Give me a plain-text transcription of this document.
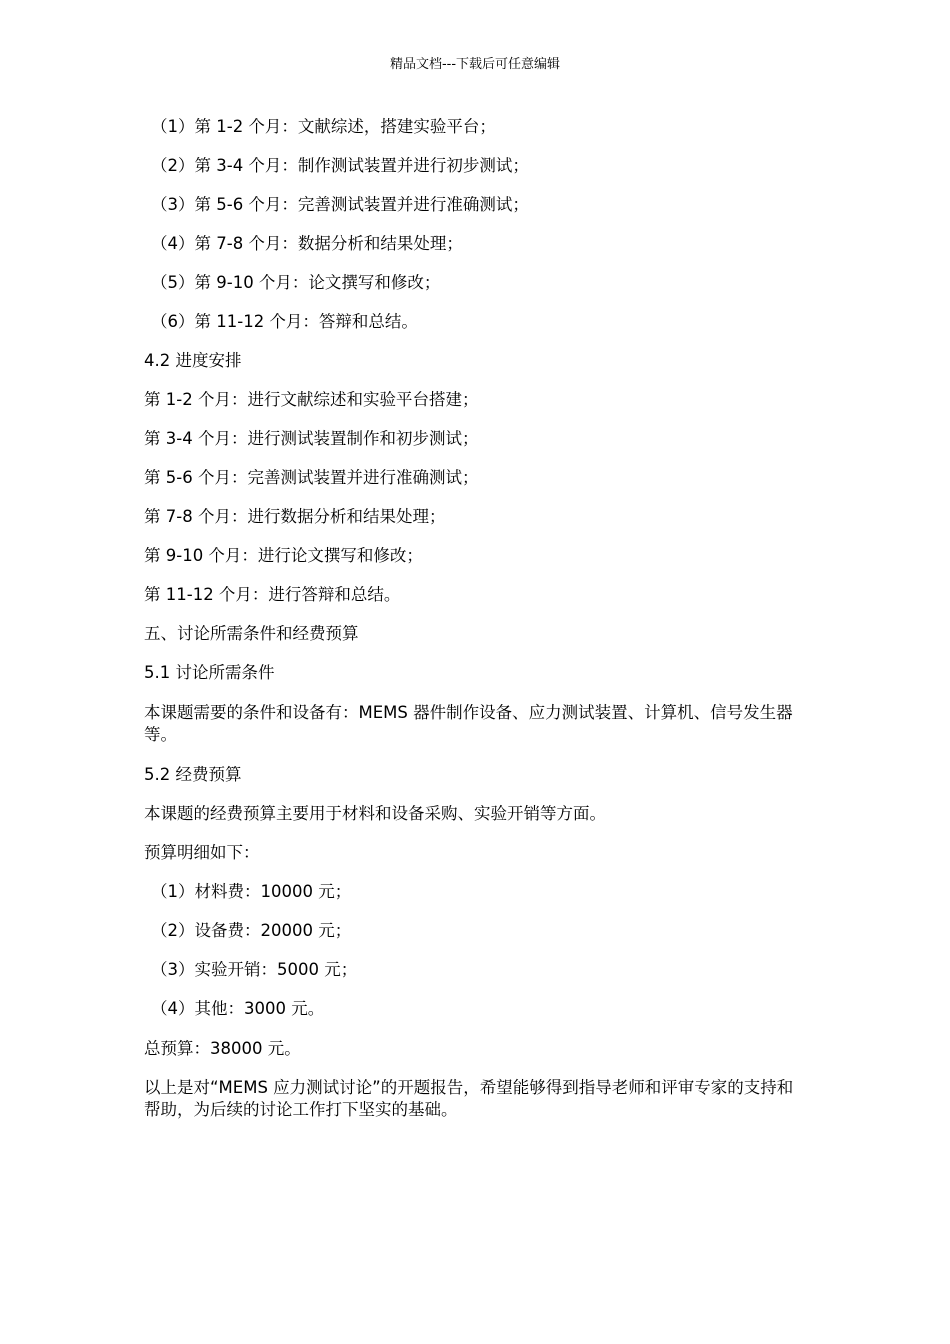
精品文档---下载后可任意编辑
（1）第 1-2 个月：文献综述，搭建实验平台；
（2）第 3-4 个月：制作测试装置并进行初步测试；
（3）第 5-6 个月：完善测试装置并进行准确测试；
（4）第 7-8 个月：数据分析和结果处理；
（5）第 9-10 个月：论文撰写和修改；
（6）第 11-12 个月：答辩和总结。
4.2 进度安排
第 1-2 个月：进行文献综述和实验平台搭建；
第 3-4 个月：进行测试装置制作和初步测试；
第 5-6 个月：完善测试装置并进行准确测试；
第 7-8 个月：进行数据分析和结果处理；
第 9-10 个月：进行论文撰写和修改；
第 11-12 个月：进行答辩和总结。
五、讨论所需条件和经费预算
5.1 讨论所需条件
本课题需要的条件和设备有：MEMS 器件制作设备、应力测试装置、计算机、信号发生器等。
5.2 经费预算
本课题的经费预算主要用于材料和设备采购、实验开销等方面。
预算明细如下：
（1）材料费：10000 元；
（2）设备费：20000 元；
（3）实验开销：5000 元；
（4）其他：3000 元。
总预算：38000 元。
以上是对“MEMS 应力测试讨论”的开题报告，希望能够得到指导老师和评审专家的支持和帮助，为后续的讨论工作打下坚实的基础。
